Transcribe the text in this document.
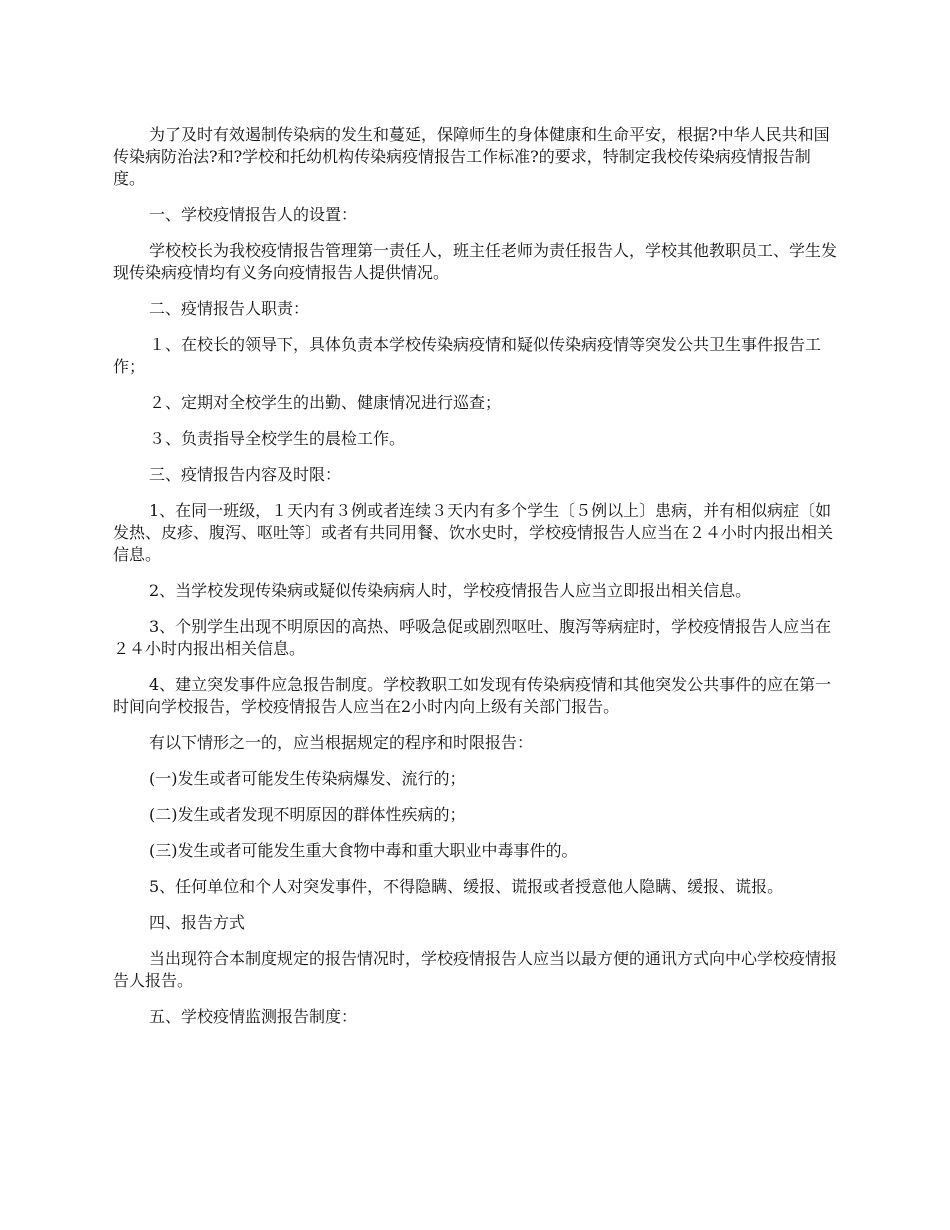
为了及时有效遏制传染病的发生和蔓延，保障师生的身体健康和生命平安，根据?中华人民共和国传染病防治法?和?学校和托幼机构传染病疫情报告工作标准?的要求，特制定我校传染病疫情报告制度。

一、学校疫情报告人的设置：

学校校长为我校疫情报告管理第一责任人，班主任老师为责任报告人，学校其他教职员工、学生发现传染病疫情均有义务向疫情报告人提供情况。

二、疫情报告人职责：

１、在校长的领导下，具体负责本学校传染病疫情和疑似传染病疫情等突发公共卫生事件报告工作；

２、定期对全校学生的出勤、健康情况进行巡查；

３、负责指导全校学生的晨检工作。

三、疫情报告内容及时限：

1、在同一班级，１天内有３例或者连续３天内有多个学生〔５例以上〕患病，并有相似病症〔如发热、皮疹、腹泻、呕吐等〕或者有共同用餐、饮水史时，学校疫情报告人应当在２４小时内报出相关信息。

2、当学校发现传染病或疑似传染病病人时，学校疫情报告人应当立即报出相关信息。

3、个别学生出现不明原因的高热、呼吸急促或剧烈呕吐、腹泻等病症时，学校疫情报告人应当在２４小时内报出相关信息。

4、建立突发事件应急报告制度。学校教职工如发现有传染病疫情和其他突发公共事件的应在第一时间向学校报告，学校疫情报告人应当在2小时内向上级有关部门报告。

有以下情形之一的，应当根据规定的程序和时限报告：

(一)发生或者可能发生传染病爆发、流行的；

(二)发生或者发现不明原因的群体性疾病的；

(三)发生或者可能发生重大食物中毒和重大职业中毒事件的。

5、任何单位和个人对突发事件，不得隐瞒、缓报、谎报或者授意他人隐瞒、缓报、谎报。

四、报告方式

当出现符合本制度规定的报告情况时，学校疫情报告人应当以最方便的通讯方式向中心学校疫情报告人报告。

五、学校疫情监测报告制度：
